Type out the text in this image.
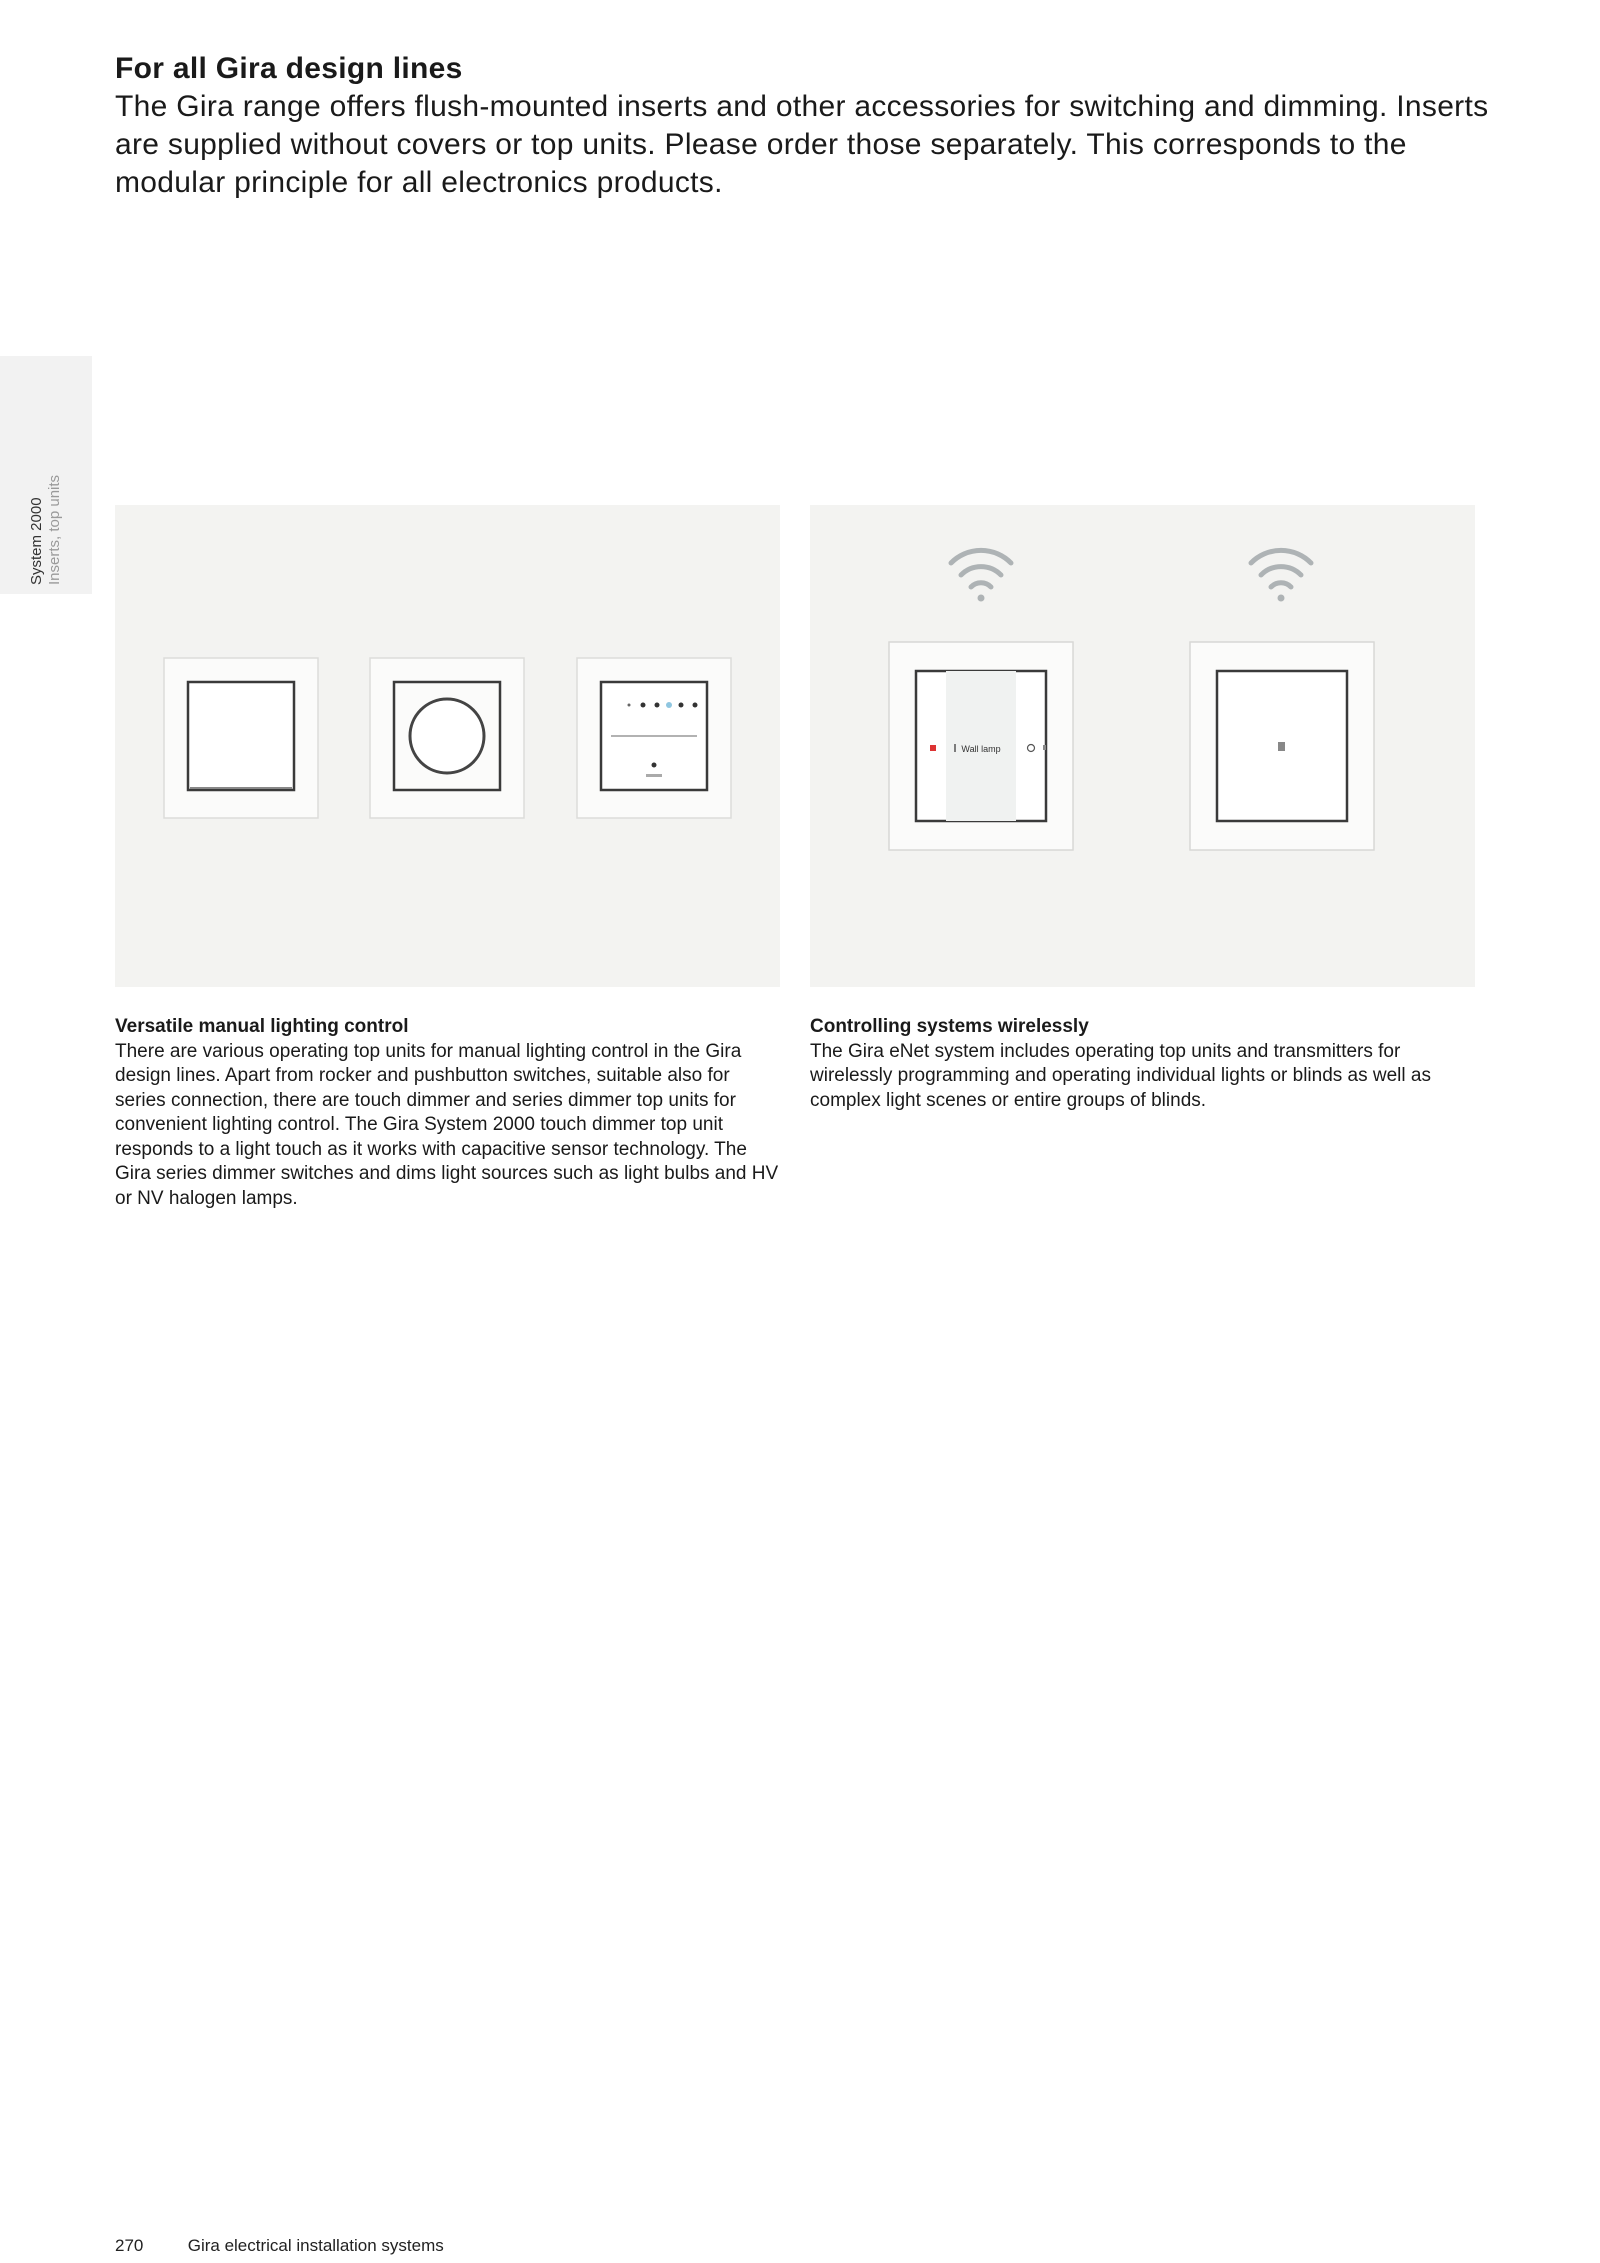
For all Gira design lines
The Gira range offers flush-mounted inserts and other accessories for switching and dimming. Inserts are supplied without covers or top units. Please order those separately. This corresponds to the modular principle for all electronics products.
System 2000 Inserts, top units
Wall lamp
Versatile manual lighting control

There are various operating top units for manual lighting control in the Gira design lines. Apart from rocker and pushbutton switches, suitable also for series connection, there are touch dimmer and series dimmer top units for convenient lighting control. The Gira System 2000 touch dimmer top unit responds to a light touch as it works with capacitive sensor technology. The Gira series dimmer switches and dims light sources such as light bulbs and HV or NV halogen lamps.

Controlling systems wirelessly

The Gira eNet system includes operating top units and transmitters for wirelessly programming and operating individual lights or blinds as well as complex light scenes or entire groups of blinds.

270	Gira electrical installation systems
